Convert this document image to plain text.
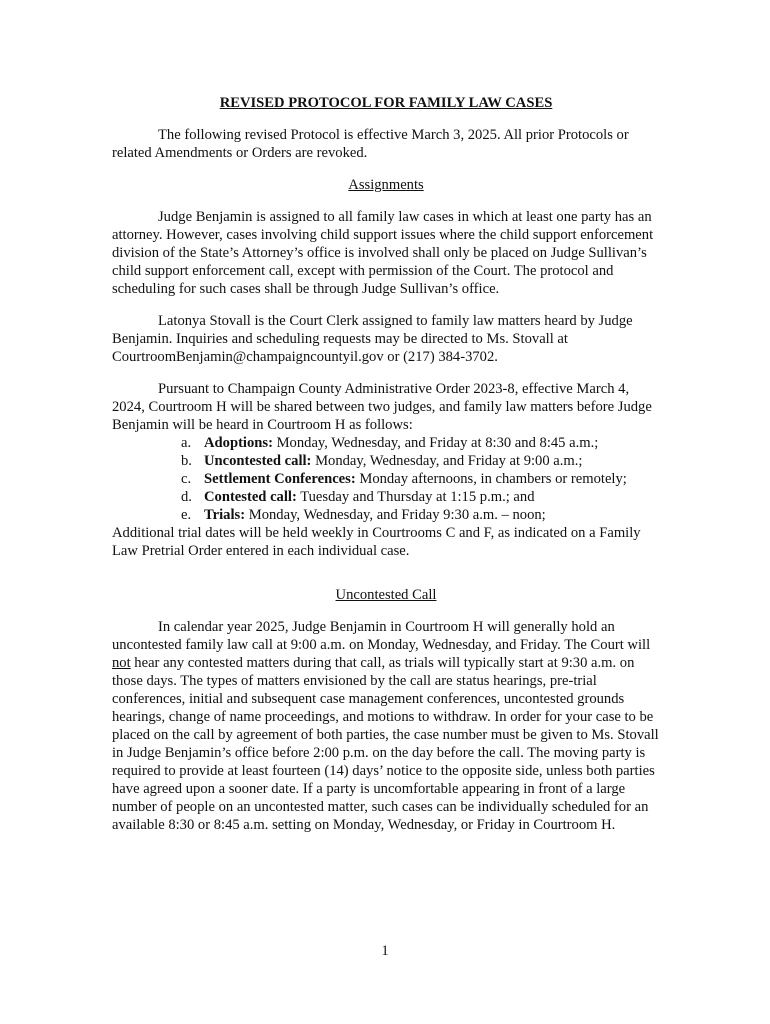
REVISED PROTOCOL FOR FAMILY LAW CASES

The following revised Protocol is effective March 3, 2025. All prior Protocols or related Amendments or Orders are revoked.

Assignments

Judge Benjamin is assigned to all family law cases in which at least one party has an attorney. However, cases involving child support issues where the child support enforcement division of the State’s Attorney’s office is involved shall only be placed on Judge Sullivan’s child support enforcement call, except with permission of the Court. The protocol and scheduling for such cases shall be through Judge Sullivan’s office.

Latonya Stovall is the Court Clerk assigned to family law matters heard by Judge Benjamin. Inquiries and scheduling requests may be directed to Ms. Stovall at CourtroomBenjamin@champaigncountyil.gov or (217) 384-3702.

Pursuant to Champaign County Administrative Order 2023-8, effective March 4, 2024, Courtroom H will be shared between two judges, and family law matters before Judge Benjamin will be heard in Courtroom H as follows:

a. Adoptions: Monday, Wednesday, and Friday at 8:30 and 8:45 a.m.;
b. Uncontested call: Monday, Wednesday, and Friday at 9:00 a.m.;
c. Settlement Conferences: Monday afternoons, in chambers or remotely;
d. Contested call: Tuesday and Thursday at 1:15 p.m.; and
e. Trials: Monday, Wednesday, and Friday 9:30 a.m. – noon;

Additional trial dates will be held weekly in Courtrooms C and F, as indicated on a Family Law Pretrial Order entered in each individual case.

Uncontested Call

In calendar year 2025, Judge Benjamin in Courtroom H will generally hold an uncontested family law call at 9:00 a.m. on Monday, Wednesday, and Friday. The Court will not hear any contested matters during that call, as trials will typically start at 9:30 a.m. on those days. The types of matters envisioned by the call are status hearings, pre-trial conferences, initial and subsequent case management conferences, uncontested grounds hearings, change of name proceedings, and motions to withdraw. In order for your case to be placed on the call by agreement of both parties, the case number must be given to Ms. Stovall in Judge Benjamin’s office before 2:00 p.m. on the day before the call. The moving party is required to provide at least fourteen (14) days’ notice to the opposite side, unless both parties have agreed upon a sooner date. If a party is uncomfortable appearing in front of a large number of people on an uncontested matter, such cases can be individually scheduled for an available 8:30 or 8:45 a.m. setting on Monday, Wednesday, or Friday in Courtroom H.

1
